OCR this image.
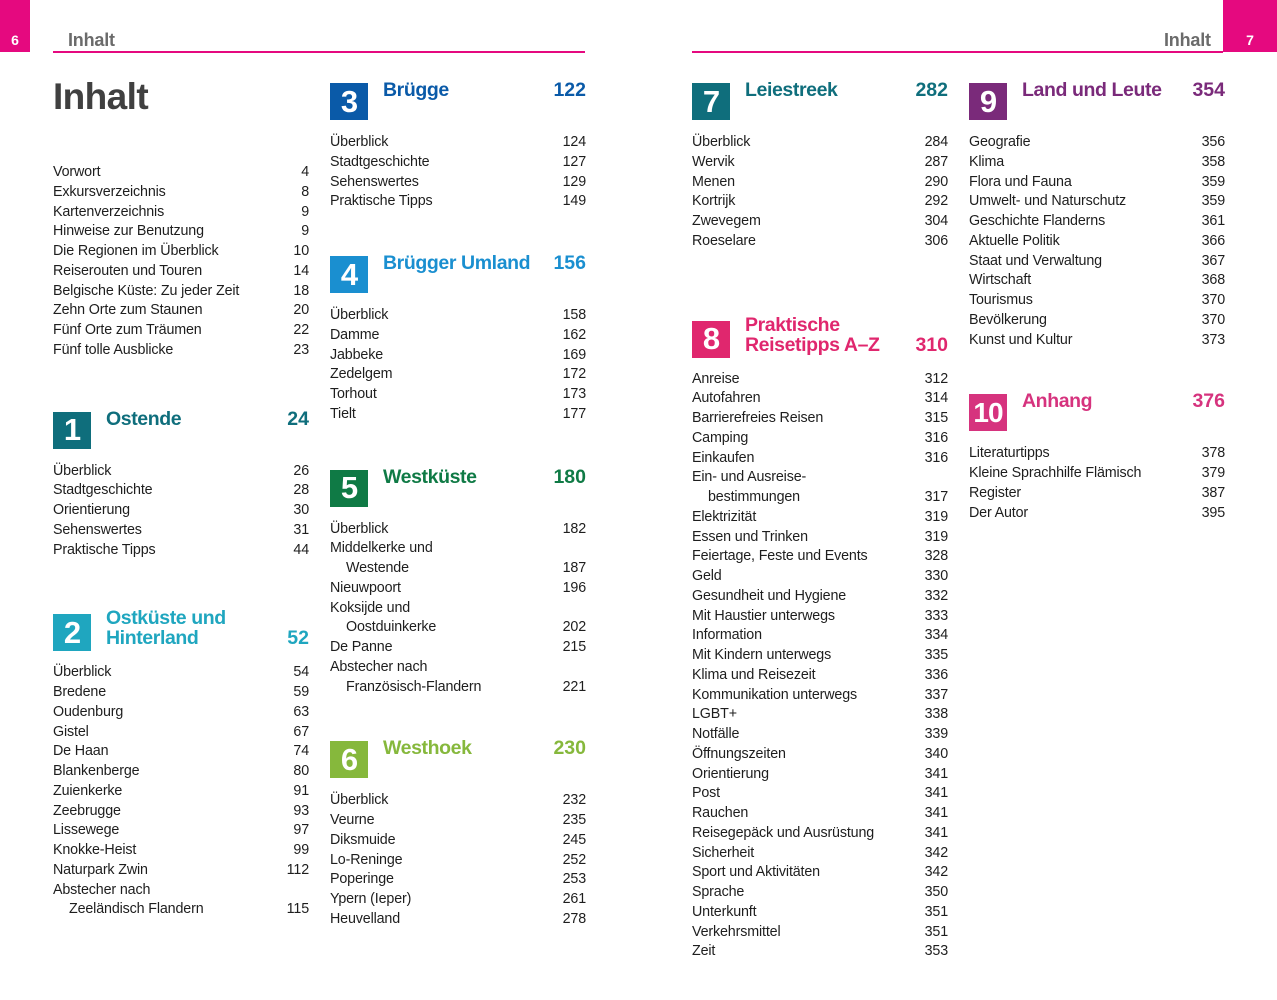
6	Inhalt	Inhalt	7
Inhalt
Vorwort	4
Exkursverzeichnis	8
Kartenverzeichnis	9
Hinweise zur Benutzung	9
Die Regionen im Überblick	10
Reiserouten und Touren	14
Belgische Küste: Zu jeder Zeit	18
Zehn Orte zum Staunen	20
Fünf Orte zum Träumen	22
Fünf tolle Ausblicke	23
1	Ostende	24
Überblick	26
Stadtgeschichte	28
Orientierung	30
Sehenswertes	31
Praktische Tipps	44
2	Ostküste und
Hinterland	52
Überblick	54
Bredene	59
Oudenburg	63
Gistel	67
De Haan	74
Blankenberge	80
Zuienkerke	91
Zeebrugge	93
Lissewege	97
Knokke-Heist	99
Naturpark Zwin	112
Abstecher nach
Zeeländisch Flandern	115
3	Brügge	122
Überblick	124
Stadtgeschichte	127
Sehenswertes	129
Praktische Tipps	149
4	Brügger Umland 156
Überblick	158
Damme	162
Jabbeke	169
Zedelgem	172
Torhout	173
Tielt	177
5	Westküste	180
Überblick	182
Middelkerke und
Westende	187
Nieuwpoort	196
Koksijde und
Oostduinkerke	202
De Panne	215
Abstecher nach
Französisch-Flandern	221
6	Westhoek	230
Überblick	232
Veurne	235
Diksmuide	245
Lo-Reninge	252
Poperinge	253
Ypern (Ieper)	261
Heuvelland	278
7	Leiestreek	282
Überblick	284
Wervik	287
Menen	290
Kortrijk	292
Zwevegem	304
Roeselare	306
8	Praktische
Reisetipps A–Z 310
Anreise	312
Autofahren	314
Barrierefreies Reisen	315
Camping	316
Einkaufen	316
Ein- und Ausreise-
bestimmungen	317
Elektrizität	319
Essen und Trinken	319
Feiertage, Feste und Events	328
Geld	330
Gesundheit und Hygiene	332
Mit Haustier unterwegs	333
Information	334
Mit Kindern unterwegs	335
Klima und Reisezeit	336
Kommunikation unterwegs	337
LGBT+	338
Notfälle	339
Öffnungszeiten	340
Orientierung	341
Post	341
Rauchen	341
Reisegepäck und Ausrüstung	341
Sicherheit	342
Sport und Aktivitäten	342
Sprache	350
Unterkunft	351
Verkehrsmittel	351
Zeit	353
9	Land und Leute 354
Geografie	356
Klima	358
Flora und Fauna	359
Umwelt- und Naturschutz	359
Geschichte Flanderns	361
Aktuelle Politik	366
Staat und Verwaltung	367
Wirtschaft	368
Tourismus	370
Bevölkerung	370
Kunst und Kultur	373
10 Anhang	376
Literaturtipps	378
Kleine Sprachhilfe Flämisch	379
Register	387
Der Autor	395
